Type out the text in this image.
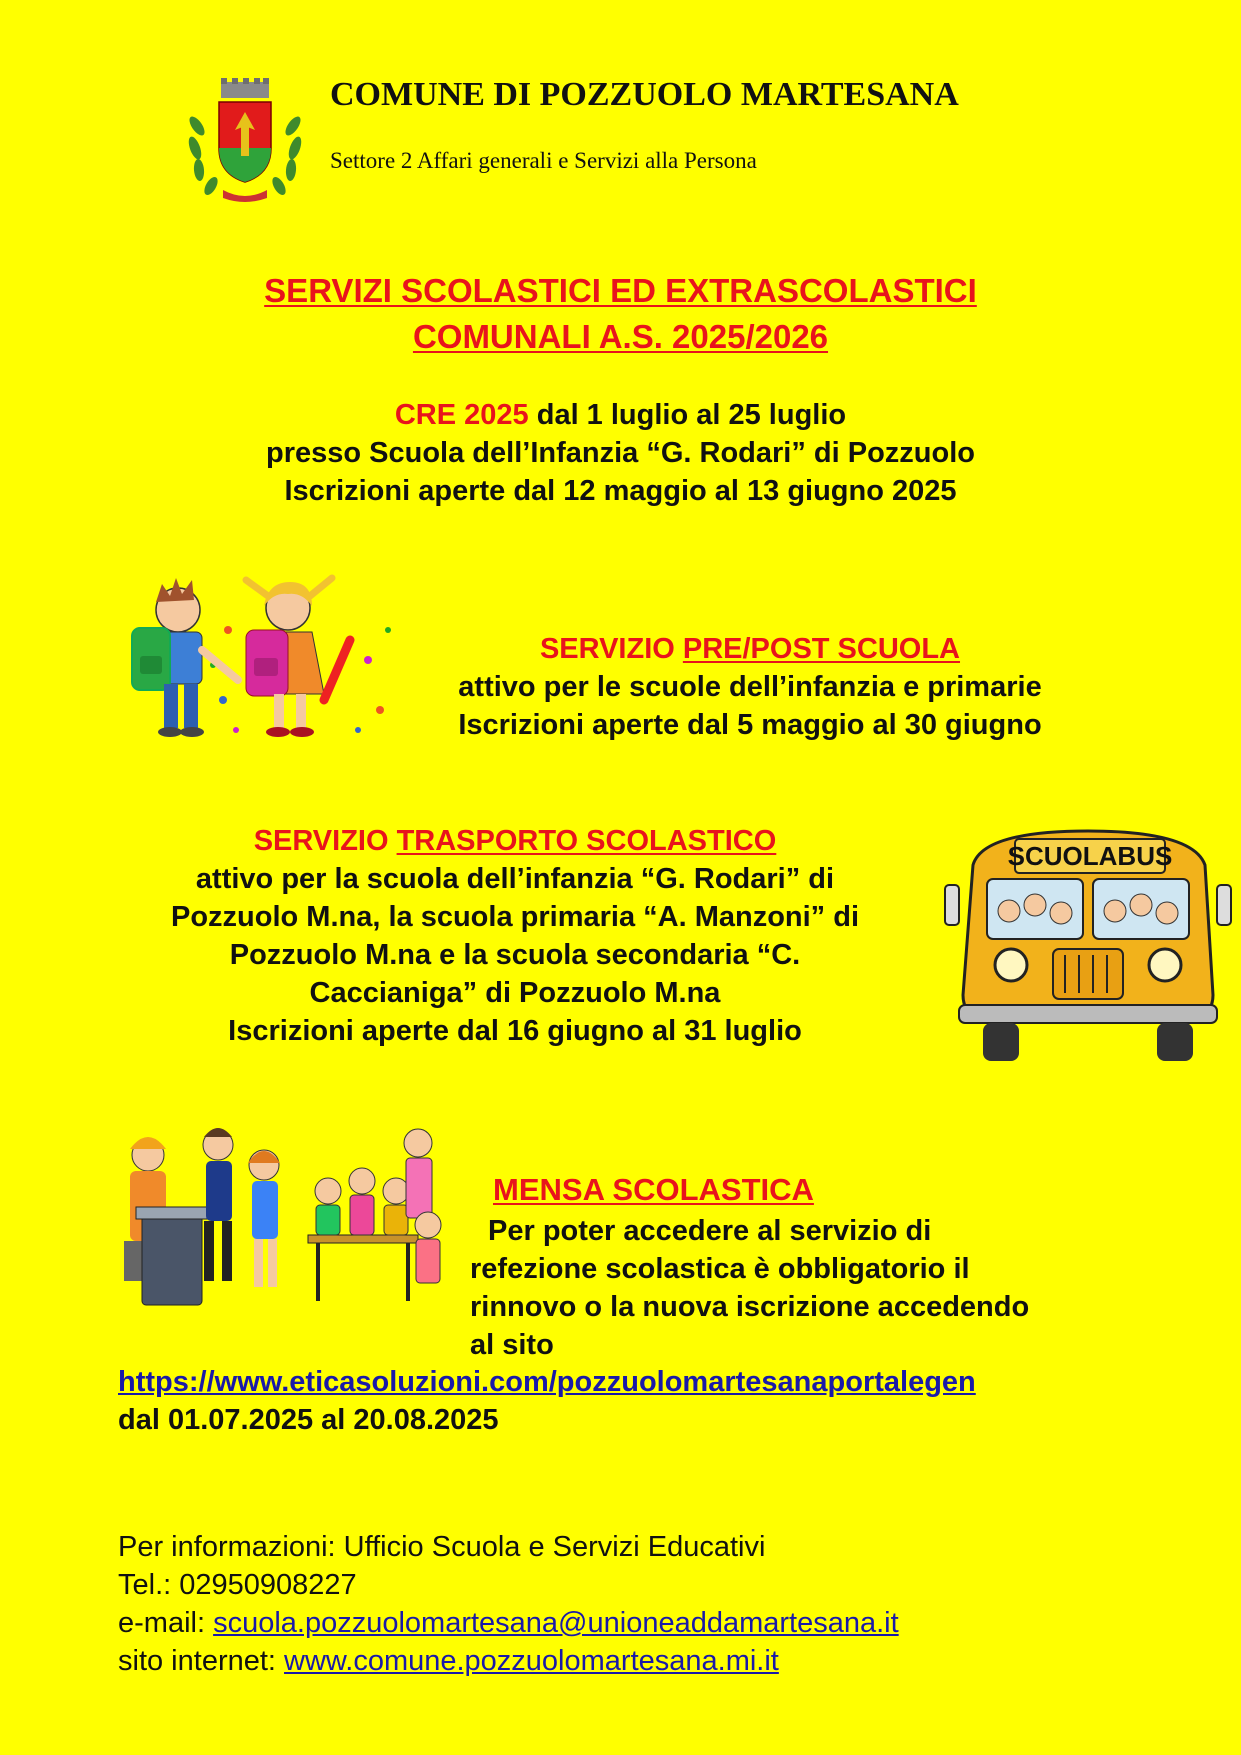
COMUNE DI POZZUOLO MARTESANA
Settore 2 Affari generali e Servizi alla Persona
SERVIZI SCOLASTICI ED EXTRASCOLASTICI
COMUNALI A.S. 2025/2026
CRE 2025 dal 1 luglio al 25 luglio
presso Scuola dell’Infanzia “G. Rodari” di Pozzuolo
Iscrizioni aperte dal 12 maggio al 13 giugno 2025
SERVIZIO PRE/POST SCUOLA
attivo per le scuole dell’infanzia e primarie
Iscrizioni aperte dal 5 maggio al 30 giugno
SERVIZIO TRASPORTO SCOLASTICO
attivo per la scuola dell’infanzia “G. Rodari” di
Pozzuolo M.na, la scuola primaria “A. Manzoni” di
Pozzuolo M.na e la scuola secondaria “C.
Caccianiga” di Pozzuolo M.na
Iscrizioni aperte dal 16 giugno al 31 luglio
SCUOLABUS
MENSA SCOLASTICA
Per poter accedere al servizio di
refezione scolastica è obbligatorio il
rinnovo o la nuova iscrizione accedendo
al sito
https://www.eticasoluzioni.com/pozzuolomartesanaportalegen
dal 01.07.2025 al 20.08.2025
Per informazioni: Ufficio Scuola e Servizi Educativi
Tel.: 02950908227
e-mail: scuola.pozzuolomartesana@unioneaddamartesana.it
sito internet: www.comune.pozzuolomartesana.mi.it
